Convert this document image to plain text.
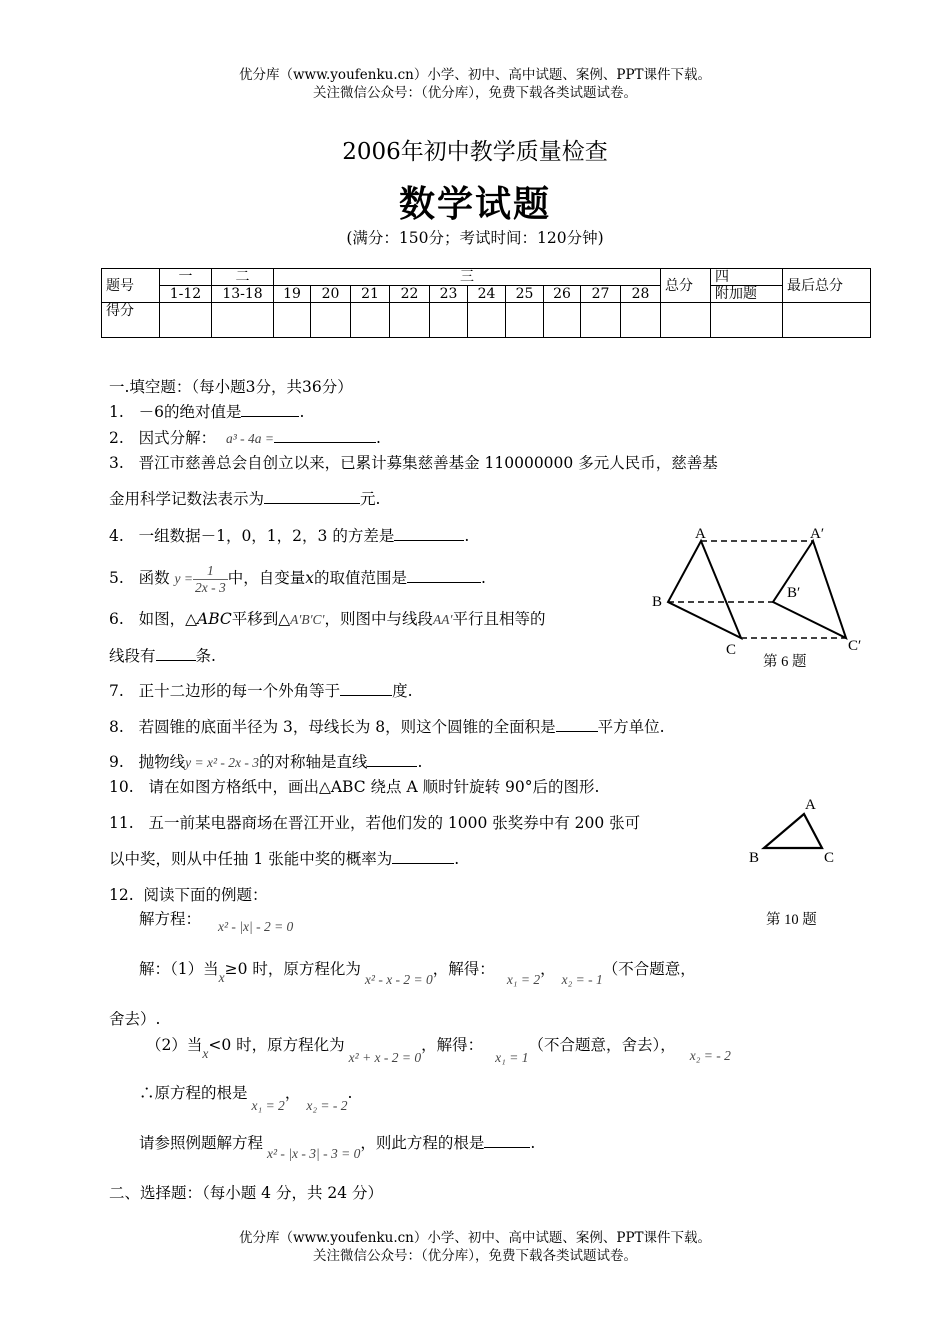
优分库（www.youfenku.cn）小学、初中、高中试题、案例、PPT课件下载。
关注微信公众号：（优分库），免费下载各类试题试卷。
2006年初中教学质量检查
数学试题
(满分：150分；考试时间：120分钟)
题号	一	二	三										总分	四	最后总分
	1-12	13-18	19	20	21	22	23	24	25	26	27	28		附加题	
得分															
一.填空题：（每小题3分，共36分）
1. －6的绝对值是	.
2. 因式分解： a³ - 4a =	.
3. 晋江市慈善总会自创立以来，已累计募集慈善基金 110000000 多元人民币，慈善基
金用科学记数法表示为	元.
4. 一组数据－1，0，1，2，3 的方差是	.
5. 函数 $y = \frac{1}{2x - 3}$ 中，自变量x的取值范围是	.
6. 如图，△ABC平移到△A′B′C′，则图中与线段AA′平行且相等的
线段有	条.
7. 正十二边形的每一个外角等于	度.
8. 若圆锥的底面半径为 3，母线长为 8，则这个圆锥的全面积是	平方单位.
9. 抛物线y = x² - 2x - 3的对称轴是直线	.
10. 请在如图方格纸中，画出△ABC 绕点 A 顺时针旋转 90°后的图形.
11. 五一前某电器商场在晋江开业，若他们发的 1000 张奖券中有 200 张可
以中奖，则从中任抽 1 张能中奖的概率为	.
12. 阅读下面的例题：
解方程： x² - |x| - 2 = 0
解：（1）当x≥0 时，原方程化为x² - x - 2 = 0，解得：x₁ = 2，x₂ = - 1（不合题意，
舍去）.
（2）当x<0 时，原方程化为x² + x - 2 = 0，解得：x₁ = 1（不合题意，舍去），x₂ = - 2
∴原方程的根是x₁ = 2，x₂ = - 2.
请参照例题解方程x² - |x - 3| - 3 = 0，则此方程的根是	.
二、选择题：（每小题 4 分，共 24 分）
A	A′
B
B′
C	C′
第 6 题
A
B	C
第 10 题
优分库（www.youfenku.cn）小学、初中、高中试题、案例、PPT课件下载。
关注微信公众号：（优分库），免费下载各类试题试卷。
